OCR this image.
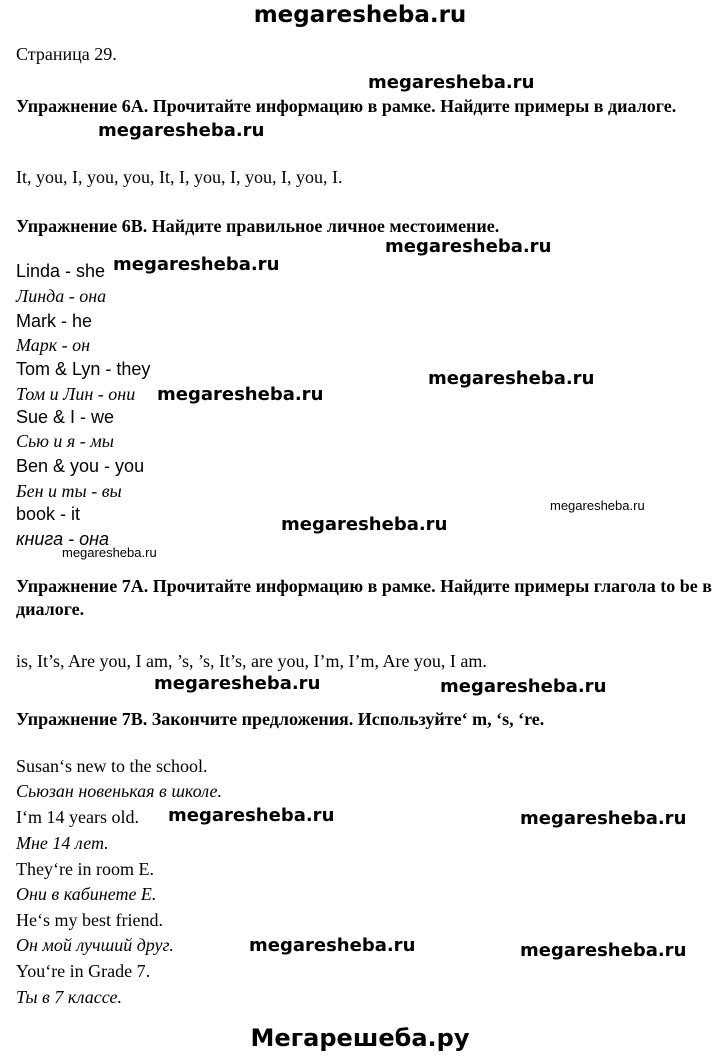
megaresheba.ru
Страница 29.
Упражнение 6А. Прочитайте информацию в рамке. Найдите примеры в диалоге.
It, you, I, you, you, It, I, you, I, you, I, you, I.
Упражнение 6В. Найдите правильное личное местоимение.
Linda - she
Линда - она
Mark - he
Марк - он
Tom & Lyn - they
Том и Лин - они
Sue & I - we
Сью и я - мы
Ben & you - you
Бен и ты - вы
book - it
книга - она
Упражнение 7А. Прочитайте информацию в рамке. Найдите примеры глагола to be в диалоге.
is, It’s, Are you, I am, ’s, ’s, It’s, are you, I’m, I’m, Are you, I am.
Упражнение 7В. Закончите предложения. Используйте‘ m, ‘s, ‘re.
Susan‘s new to the school.
Сьюзан новенькая в школе.
I‘m 14 years old.
Мне 14 лет.
They‘re in room E.
Они в кабинете Е.
He‘s my best friend.
Он мой лучший друг.
You‘re in Grade 7.
Ты в 7 классе.
megaresheba.ru
megaresheba.ru
megaresheba.ru
megaresheba.ru
megaresheba.ru
megaresheba.ru
megaresheba.ru
megaresheba.ru
megaresheba.ru
megaresheba.ru	megaresheba.ru
megaresheba.ru	megaresheba.ru
megaresheba.ru	megaresheba.ru
Мегарешеба.ру
